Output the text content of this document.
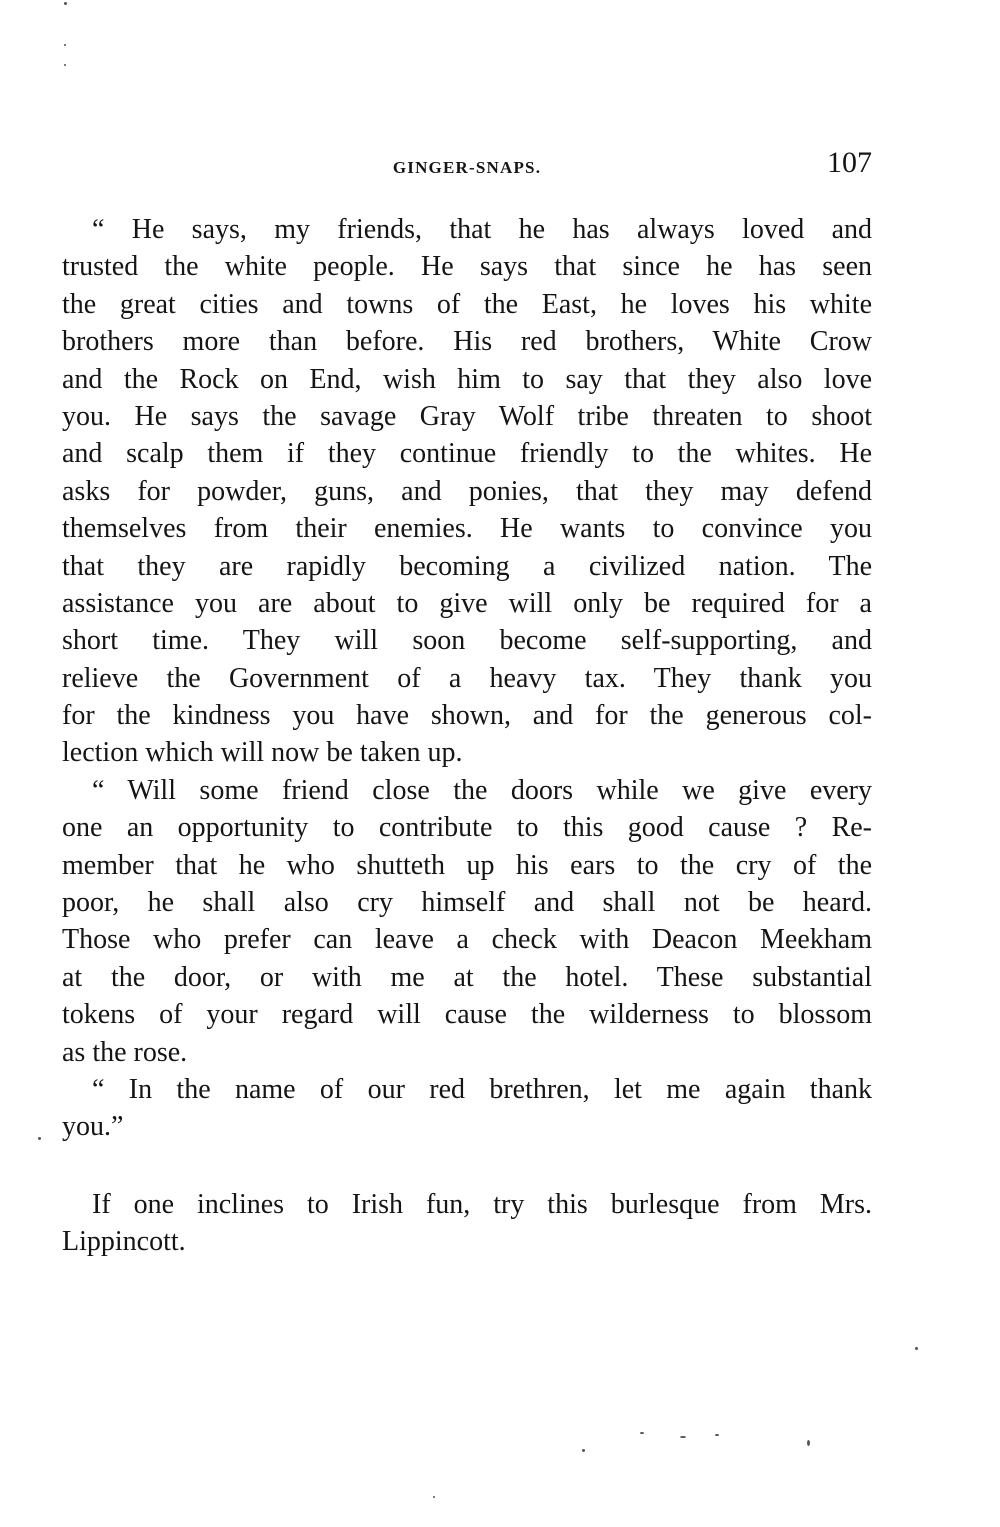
GINGER-SNAPS.	107
“ He says, my friends, that he has always loved and
trusted the white people. He says that since he has seen
the great cities and towns of the East, he loves his white
brothers more than before. His red brothers, White Crow
and the Rock on End, wish him to say that they also love
you. He says the savage Gray Wolf tribe threaten to shoot
and scalp them if they continue friendly to the whites. He
asks for powder, guns, and ponies, that they may defend
themselves from their enemies. He wants to convince you
that they are rapidly becoming a civilized nation. The
assistance you are about to give will only be required for a
short time. They will soon become self-supporting, and
relieve the Government of a heavy tax. They thank you
for the kindness you have shown, and for the generous col-
lection which will now be taken up.
“ Will some friend close the doors while we give every
one an opportunity to contribute to this good cause ? Re-
member that he who shutteth up his ears to the cry of the
poor, he shall also cry himself and shall not be heard.
Those who prefer can leave a check with Deacon Meekham
at the door, or with me at the hotel. These substantial
tokens of your regard will cause the wilderness to blossom
as the rose.
“ In the name of our red brethren, let me again thank
you.”
If one inclines to Irish fun, try this burlesque from Mrs.
Lippincott.
